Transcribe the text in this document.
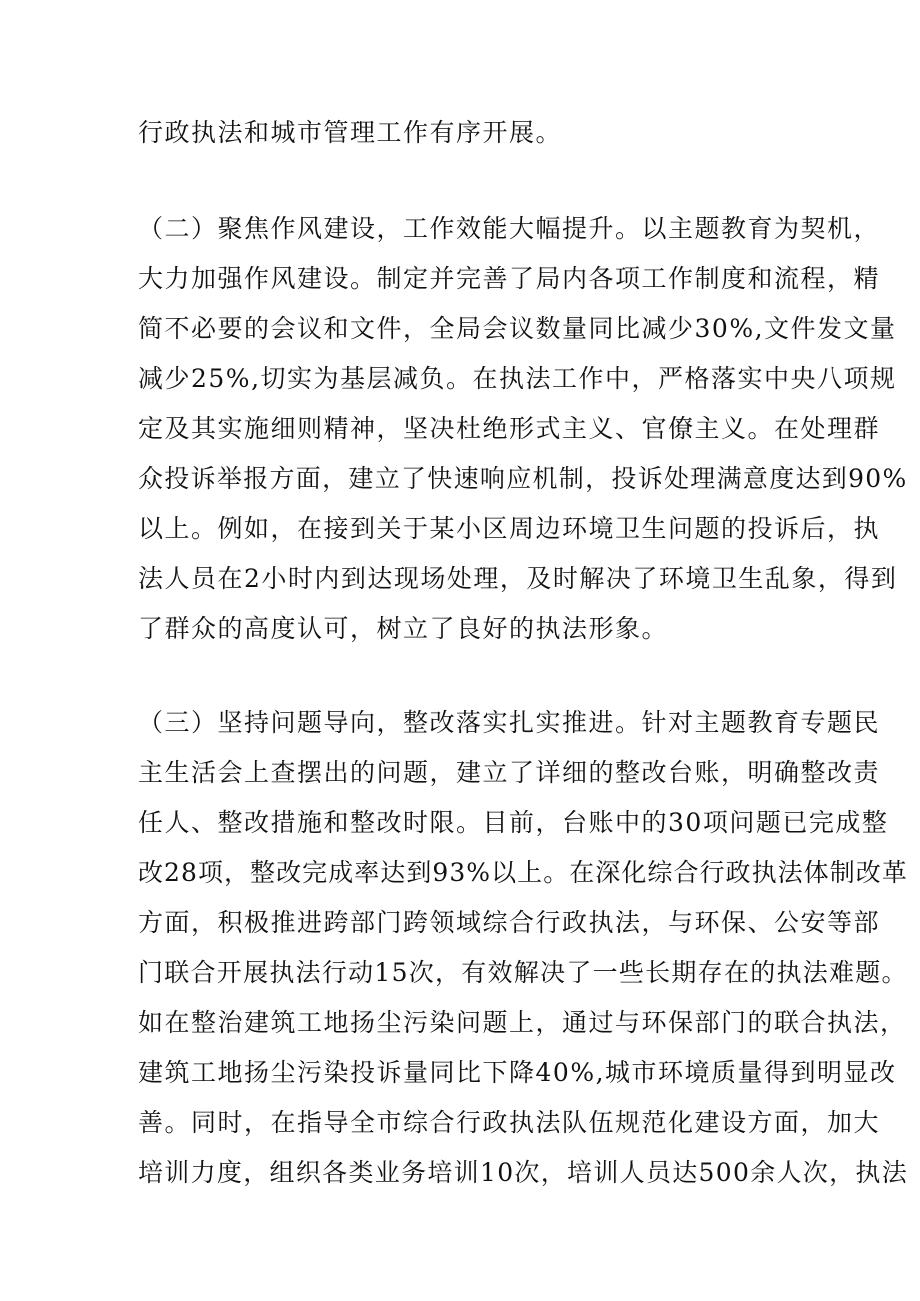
行政执法和城市管理工作有序开展。
（二）聚焦作风建设，工作效能大幅提升。以主题教育为契机，
大力加强作风建设。制定并完善了局内各项工作制度和流程，精
简不必要的会议和文件，全局会议数量同比减少30%,文件发文量
减少25%,切实为基层减负。在执法工作中，严格落实中央八项规
定及其实施细则精神，坚决杜绝形式主义、官僚主义。在处理群
众投诉举报方面，建立了快速响应机制，投诉处理满意度达到90%
以上。例如，在接到关于某小区周边环境卫生问题的投诉后，执
法人员在2小时内到达现场处理，及时解决了环境卫生乱象，得到
了群众的高度认可，树立了良好的执法形象。
（三）坚持问题导向，整改落实扎实推进。针对主题教育专题民
主生活会上查摆出的问题，建立了详细的整改台账，明确整改责
任人、整改措施和整改时限。目前，台账中的30项问题已完成整
改28项，整改完成率达到93%以上。在深化综合行政执法体制改革
方面，积极推进跨部门跨领域综合行政执法，与环保、公安等部
门联合开展执法行动15次，有效解决了一些长期存在的执法难题。
如在整治建筑工地扬尘污染问题上，通过与环保部门的联合执法，
建筑工地扬尘污染投诉量同比下降40%,城市环境质量得到明显改
善。同时，在指导全市综合行政执法队伍规范化建设方面，加大
培训力度，组织各类业务培训10次，培训人员达500余人次，执法
